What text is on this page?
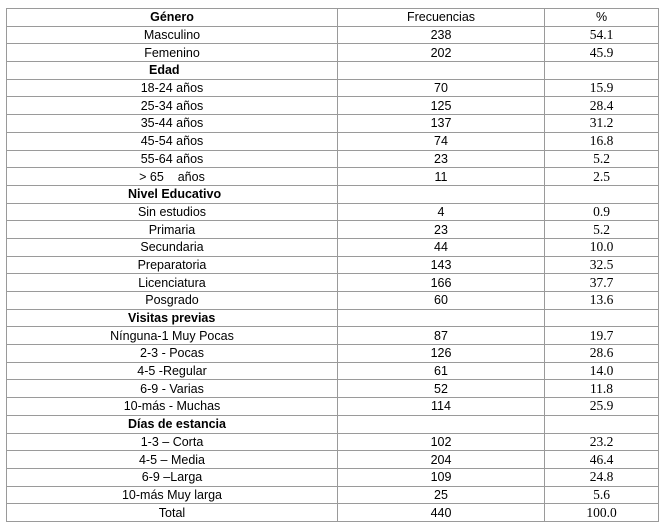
Género	Frecuencias	%
Masculino	238	54.1
Femenino	202	45.9
Edad		
18-24 años	70	15.9
25-34 años	125	28.4
35-44 años	137	31.2
45-54 años	74	16.8
55-64 años	23	5.2
> 65    años	11	2.5
Nivel Educativo		
Sin estudios	4	0.9
Primaria	23	5.2
Secundaria	44	10.0
Preparatoria	143	32.5
Licenciatura	166	37.7
Posgrado	60	13.6
Visitas previas		
Nínguna-1 Muy Pocas	87	19.7
2-3 - Pocas	126	28.6
4-5 -Regular	61	14.0
6-9 - Varias	52	11.8
10-más - Muchas	114	25.9
Días de estancia		
1-3 – Corta	102	23.2
4-5 – Media	204	46.4
6-9 –Larga	109	24.8
10-más Muy larga	25	5.6
Total	440	100.0
